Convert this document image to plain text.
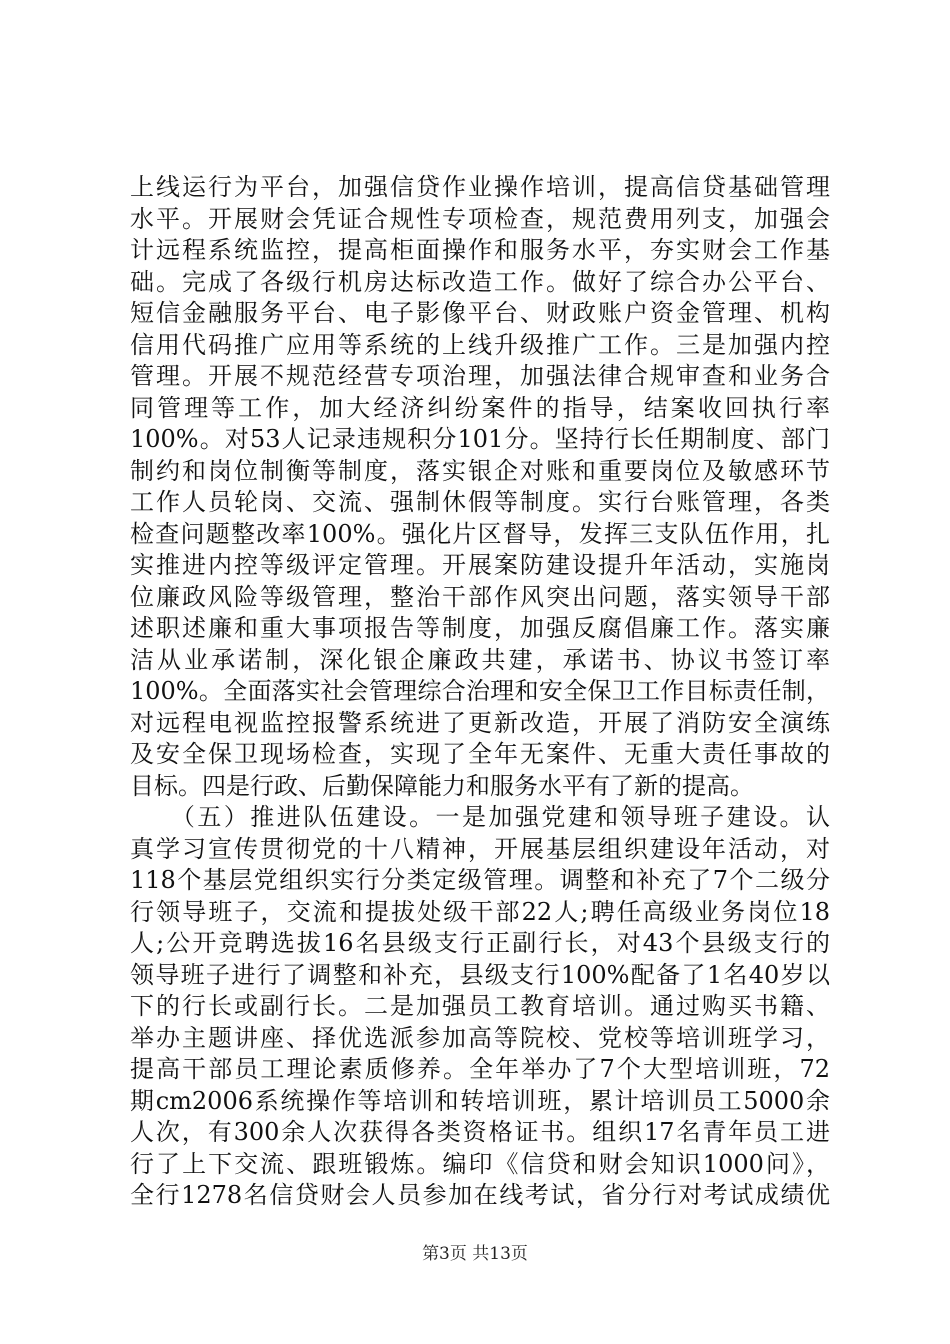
上线运行为平台，加强信贷作业操作培训，提高信贷基础管理
水平。开展财会凭证合规性专项检查，规范费用列支，加强会
计远程系统监控，提高柜面操作和服务水平，夯实财会工作基
础。完成了各级行机房达标改造工作。做好了综合办公平台、
短信金融服务平台、电子影像平台、财政账户资金管理、机构
信用代码推广应用等系统的上线升级推广工作。三是加强内控
管理。开展不规范经营专项治理，加强法律合规审查和业务合
同管理等工作，加大经济纠纷案件的指导，结案收回执行率
100%。对53人记录违规积分101分。坚持行长任期制度、部门
制约和岗位制衡等制度，落实银企对账和重要岗位及敏感环节
工作人员轮岗、交流、强制休假等制度。实行台账管理，各类
检查问题整改率100%。强化片区督导，发挥三支队伍作用，扎
实推进内控等级评定管理。开展案防建设提升年活动，实施岗
位廉政风险等级管理，整治干部作风突出问题，落实领导干部
述职述廉和重大事项报告等制度，加强反腐倡廉工作。落实廉
洁从业承诺制，深化银企廉政共建，承诺书、协议书签订率
100%。全面落实社会管理综合治理和安全保卫工作目标责任制，
对远程电视监控报警系统进了更新改造，开展了消防安全演练
及安全保卫现场检查，实现了全年无案件、无重大责任事故的
目标。四是行政、后勤保障能力和服务水平有了新的提高。
　　（五）推进队伍建设。一是加强党建和领导班子建设。认
真学习宣传贯彻党的十八精神，开展基层组织建设年活动，对
118个基层党组织实行分类定级管理。调整和补充了7个二级分
行领导班子，交流和提拔处级干部22人;聘任高级业务岗位18
人;公开竞聘选拔16名县级支行正副行长，对43个县级支行的
领导班子进行了调整和补充，县级支行100%配备了1名40岁以
下的行长或副行长。二是加强员工教育培训。通过购买书籍、
举办主题讲座、择优选派参加高等院校、党校等培训班学习，
提高干部员工理论素质修养。全年举办了7个大型培训班，72
期cm2006系统操作等培训和转培训班，累计培训员工5000余
人次，有300余人次获得各类资格证书。组织17名青年员工进
行了上下交流、跟班锻炼。编印《信贷和财会知识1000问》，
全行1278名信贷财会人员参加在线考试，省分行对考试成绩优
第3页 共13页
